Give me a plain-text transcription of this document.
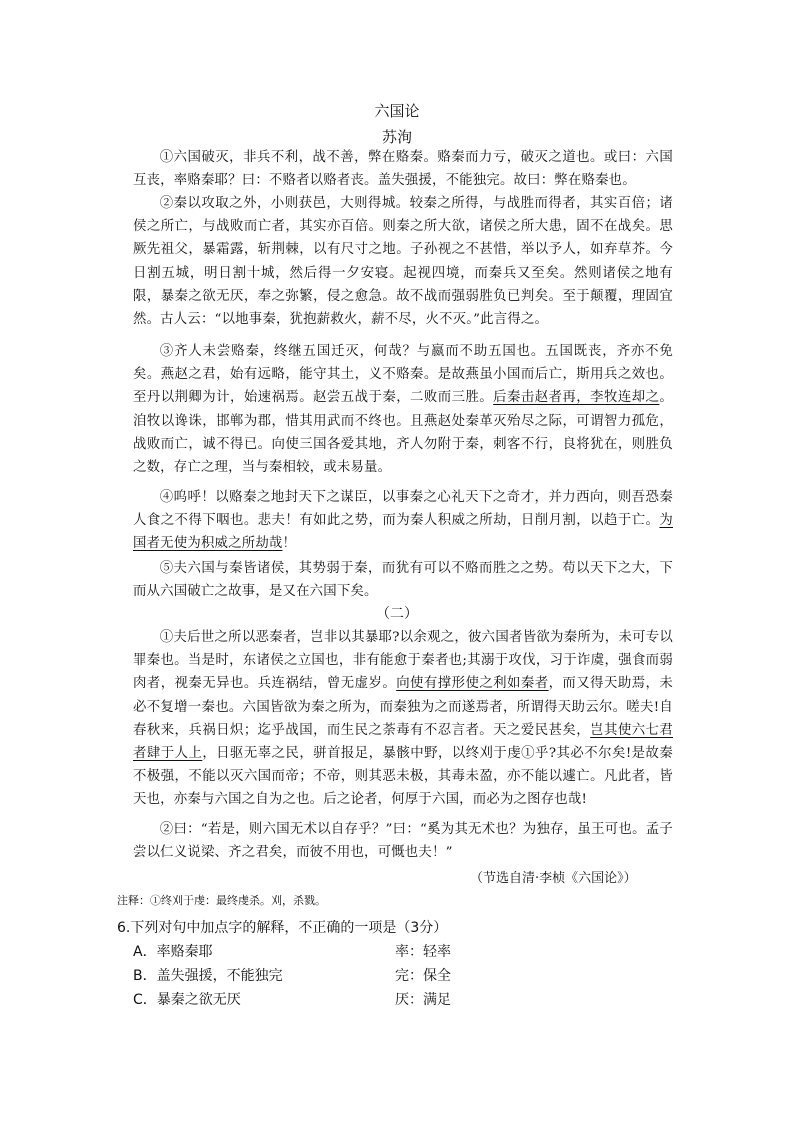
六国论
苏洵
①六国破灭，非兵不利，战不善，弊在赂秦。赂秦而力亏，破灭之道也。或曰：六国互丧，率赂秦耶？曰：不赂者以赂者丧。盖失强援，不能独完。故曰：弊在赂秦也。
②秦以攻取之外，小则获邑，大则得城。较秦之所得，与战胜而得者，其实百倍；诸侯之所亡，与战败而亡者，其实亦百倍。则秦之所大欲，诸侯之所大患，固不在战矣。思厥先祖父，暴霜露，斩荆棘，以有尺寸之地。子孙视之不甚惜，举以予人，如弃草芥。今日割五城，明日割十城，然后得一夕安寝。起视四境，而秦兵又至矣。然则诸侯之地有限，暴秦之欲无厌，奉之弥繁，侵之愈急。故不战而强弱胜负已判矣。至于颠覆，理固宜然。古人云：“以地事秦，犹抱薪救火，薪不尽，火不灭。”此言得之。
③齐人未尝赂秦，终继五国迁灭，何哉？与嬴而不助五国也。五国既丧，齐亦不免矣。燕赵之君，始有远略，能守其土，义不赂秦。是故燕虽小国而后亡，斯用兵之效也。至丹以荆卿为计，始速祸焉。赵尝五战于秦，二败而三胜。后秦击赵者再，李牧连却之。洎牧以谗诛，邯郸为郡，惜其用武而不终也。且燕赵处秦革灭殆尽之际，可谓智力孤危，战败而亡，诚不得已。向使三国各爱其地，齐人勿附于秦，刺客不行，良将犹在，则胜负之数，存亡之理，当与秦相较，或未易量。
④呜呼！以赂秦之地封天下之谋臣，以事秦之心礼天下之奇才，并力西向，则吾恐秦人食之不得下咽也。悲夫！有如此之势，而为秦人积威之所劫，日削月割，以趋于亡。为国者无使为积威之所劫哉！
⑤夫六国与秦皆诸侯，其势弱于秦，而犹有可以不赂而胜之之势。苟以天下之大，下而从六国破亡之故事，是又在六国下矣。
（二）
①夫后世之所以恶秦者，岂非以其暴耶?以余观之，彼六国者皆欲为秦所为，未可专以罪秦也。当是时，东诸侯之立国也，非有能愈于秦者也;其溺于攻伐，习于诈虞，强食而弱肉者，视秦无异也。兵连祸结，曾无虚岁。向使有撑形使之利如秦者，而又得天助焉，未必不复增一秦也。六国皆欲为秦之所为，而秦独为之而遂焉者，所谓得天助云尔。嗟夫!自春秋来，兵祸日炽；迄乎战国，而生民之荼毒有不忍言者。天之爱民甚矣，岂其使六七君者肆于人上，日驱无辜之民，骈首报足，暴骸中野，以终刈于虔①乎?其必不尔矣!是故秦不极强，不能以灭六国而帝；不帝，则其恶未极，其毒未盈，亦不能以遽亡。凡此者，皆天也，亦秦与六国之自为之也。后之论者，何厚于六国，而必为之图存也哉!
②曰：“若是，则六国无术以自存乎？”曰：“奚为其无术也？为独存，虽王可也。孟子尝以仁义说梁、齐之君矣，而彼不用也，可慨也夫！”
（节选自清·李桢《六国论》）
注释：①终刈于虔：最终虔杀。刈，杀戮。
6.下列对句中加点字的解释，不正确的一项是（3分）
A．率赂秦耶	率：轻率
B．盖失强援，不能独完	完：保全
C．暴秦之欲无厌	厌：满足
